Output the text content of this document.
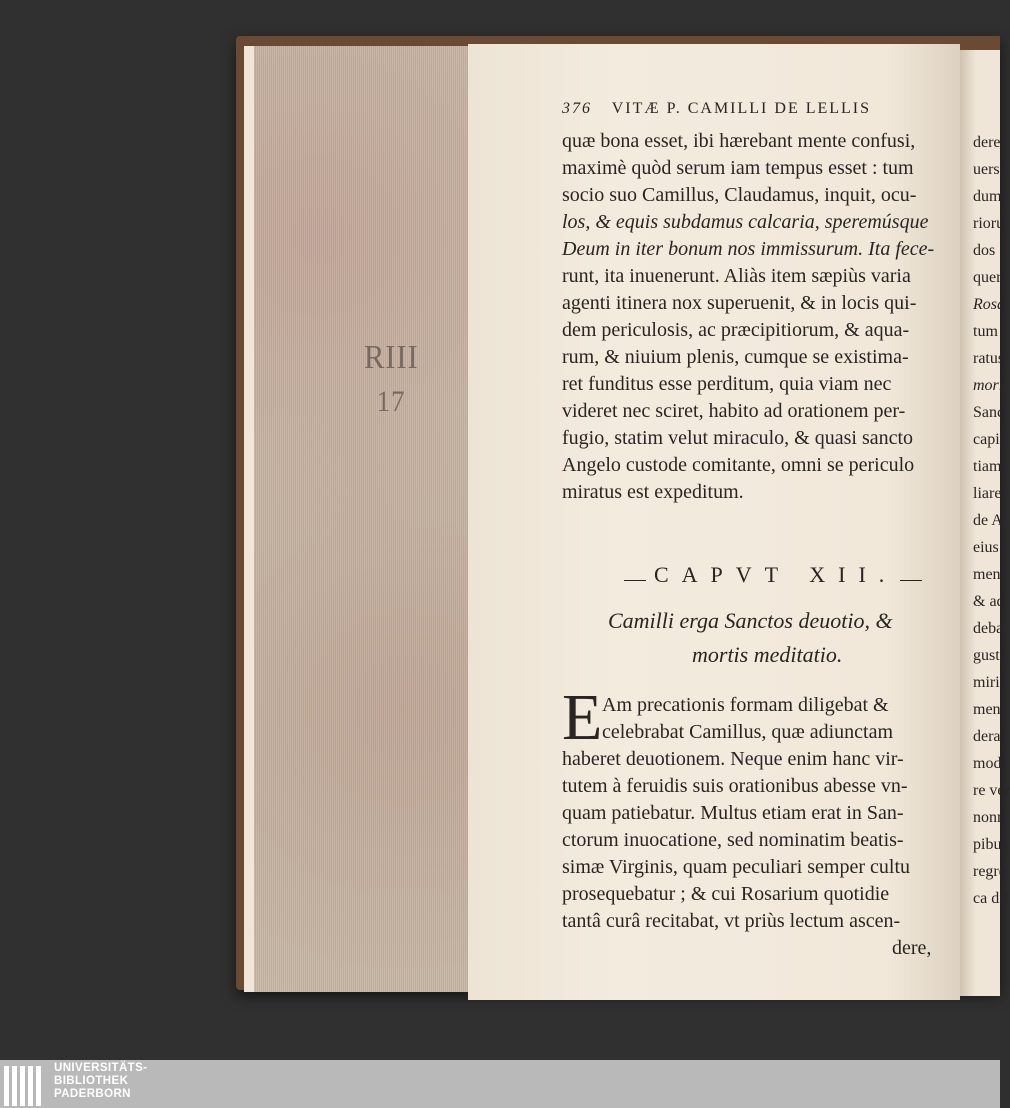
RIII
17
376 VITÆ P. CAMILLI DE LELLIS
quæ bona esset, ibi hærebant mente confusi,
maximè quòd serum iam tempus esset : tum
socio suo Camillus, Claudamus, inquit, ocu-
los, & equis subdamus calcaria, speremúsque
Deum in iter bonum nos immissurum. Ita fece-
runt, ita inuenerunt. Aliàs item sæpiùs varia
agenti itinera nox superuenit, & in locis qui-
dem periculosis, ac præcipitiorum, & aqua-
rum, & niuium plenis, cumque se existima-
ret funditus esse perditum, quia viam nec
videret nec sciret, habito ad orationem per-
fugio, statim velut miraculo, & quasi sancto
Angelo custode comitante, omni se periculo
miratus est expeditum.
CAPVT XII.
Camilli erga Sanctos deuotio, &
mortis meditatio.
E Am precationis formam diligebat &
celebrabat Camillus, quæ adiunctam
haberet deuotionem. Neque enim hanc vir-
tutem à feruidis suis orationibus abesse vn-
quam patiebatur. Multus etiam erat in San-
ctorum inuocatione, sed nominatim beatis-
simæ Virginis, quam peculiari semper cultu
prosequebatur ; & cui Rosarium quotidie
tantâ curâ recitabat, vt priùs lectum ascen-
dere,
dere
uersi
dum
rioru
dos
quer
Rosa
tum
ratus
mori
Sanc
capit
tiam
liare
de A
eius
men
& ad
deba
gusti
mirif
men
derat
modi
re ver
nonn
pibus
regre
ca dif
UNIVERSITÄTS-
BIBLIOTHEK
PADERBORN
